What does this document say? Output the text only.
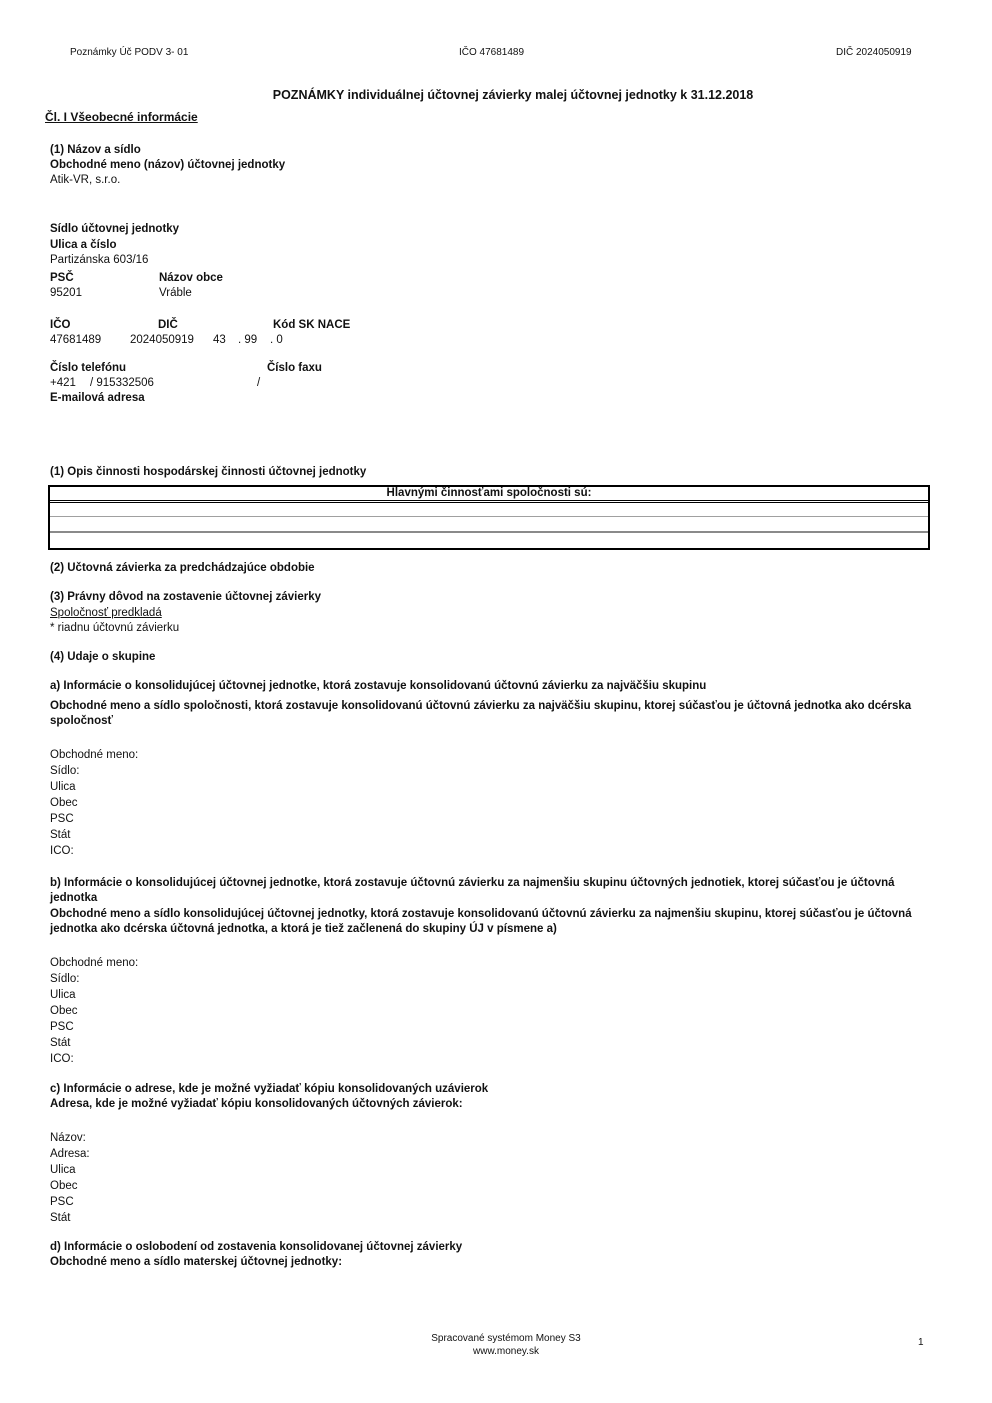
Poznámky Úč PODV 3- 01	IČO 47681489	DIČ 2024050919
POZNÁMKY individuálnej účtovnej závierky malej účtovnej jednotky k 31.12.2018
Čl. I Všeobecné informácie
(1) Názov a sídlo
Obchodné meno (názov) účtovnej jednotky
Atik-VR, s.r.o.
Sídlo účtovnej jednotky
Ulica a číslo
Partizánska 603/16
PSČ	Názov obce
95201	Vráble
IČO	DIČ	Kód SK NACE
47681489	2024050919 43 . 99 . 0
Číslo telefónu	Číslo faxu
+421 / 915332506	/
E-mailová adresa
(1) Opis činnosti hospodárskej činnosti účtovnej jednotky
Hlavnými činnosťami spoločnosti sú:
(2) Učtovná závierka za predchádzajúce obdobie
(3) Právny dôvod na zostavenie účtovnej závierky
Spoločnosť predkladá
* riadnu účtovnú závierku
(4) Udaje o skupine
a) Informácie o konsolidujúcej účtovnej jednotke, ktorá zostavuje konsolidovanú účtovnú závierku za najväčšiu skupinu
Obchodné meno a sídlo spoločnosti, ktorá zostavuje konsolidovanú účtovnú závierku za najväčšiu skupinu, ktorej súčasťou je účtovná jednotka ako dcérska spoločnosť
Obchodné meno:
Sídlo:
Ulica
Obec
PSC
Stát
ICO:
b) Informácie o konsolidujúcej účtovnej jednotke, ktorá zostavuje účtovnú závierku za najmenšiu skupinu účtovných jednotiek, ktorej súčasťou je účtovná jednotka
Obchodné meno a sídlo konsolidujúcej účtovnej jednotky, ktorá zostavuje konsolidovanú účtovnú závierku za najmenšiu skupinu, ktorej súčasťou je účtovná jednotka ako dcérska účtovná jednotka, a ktorá je tiež začlenená do skupiny ÚJ v písmene a)
Obchodné meno:
Sídlo:
Ulica
Obec
PSC
Stát
ICO:
c) Informácie o adrese, kde je možné vyžiadať kópiu konsolidovaných uzávierok
Adresa, kde je možné vyžiadať kópiu konsolidovaných účtovných závierok:
Názov:
Adresa:
Ulica
Obec
PSC
Stát
d) Informácie o oslobodení od zostavenia konsolidovanej účtovnej závierky
Obchodné meno a sídlo materskej účtovnej jednotky:
Spracované systémom Money S3
www.money.sk
1
